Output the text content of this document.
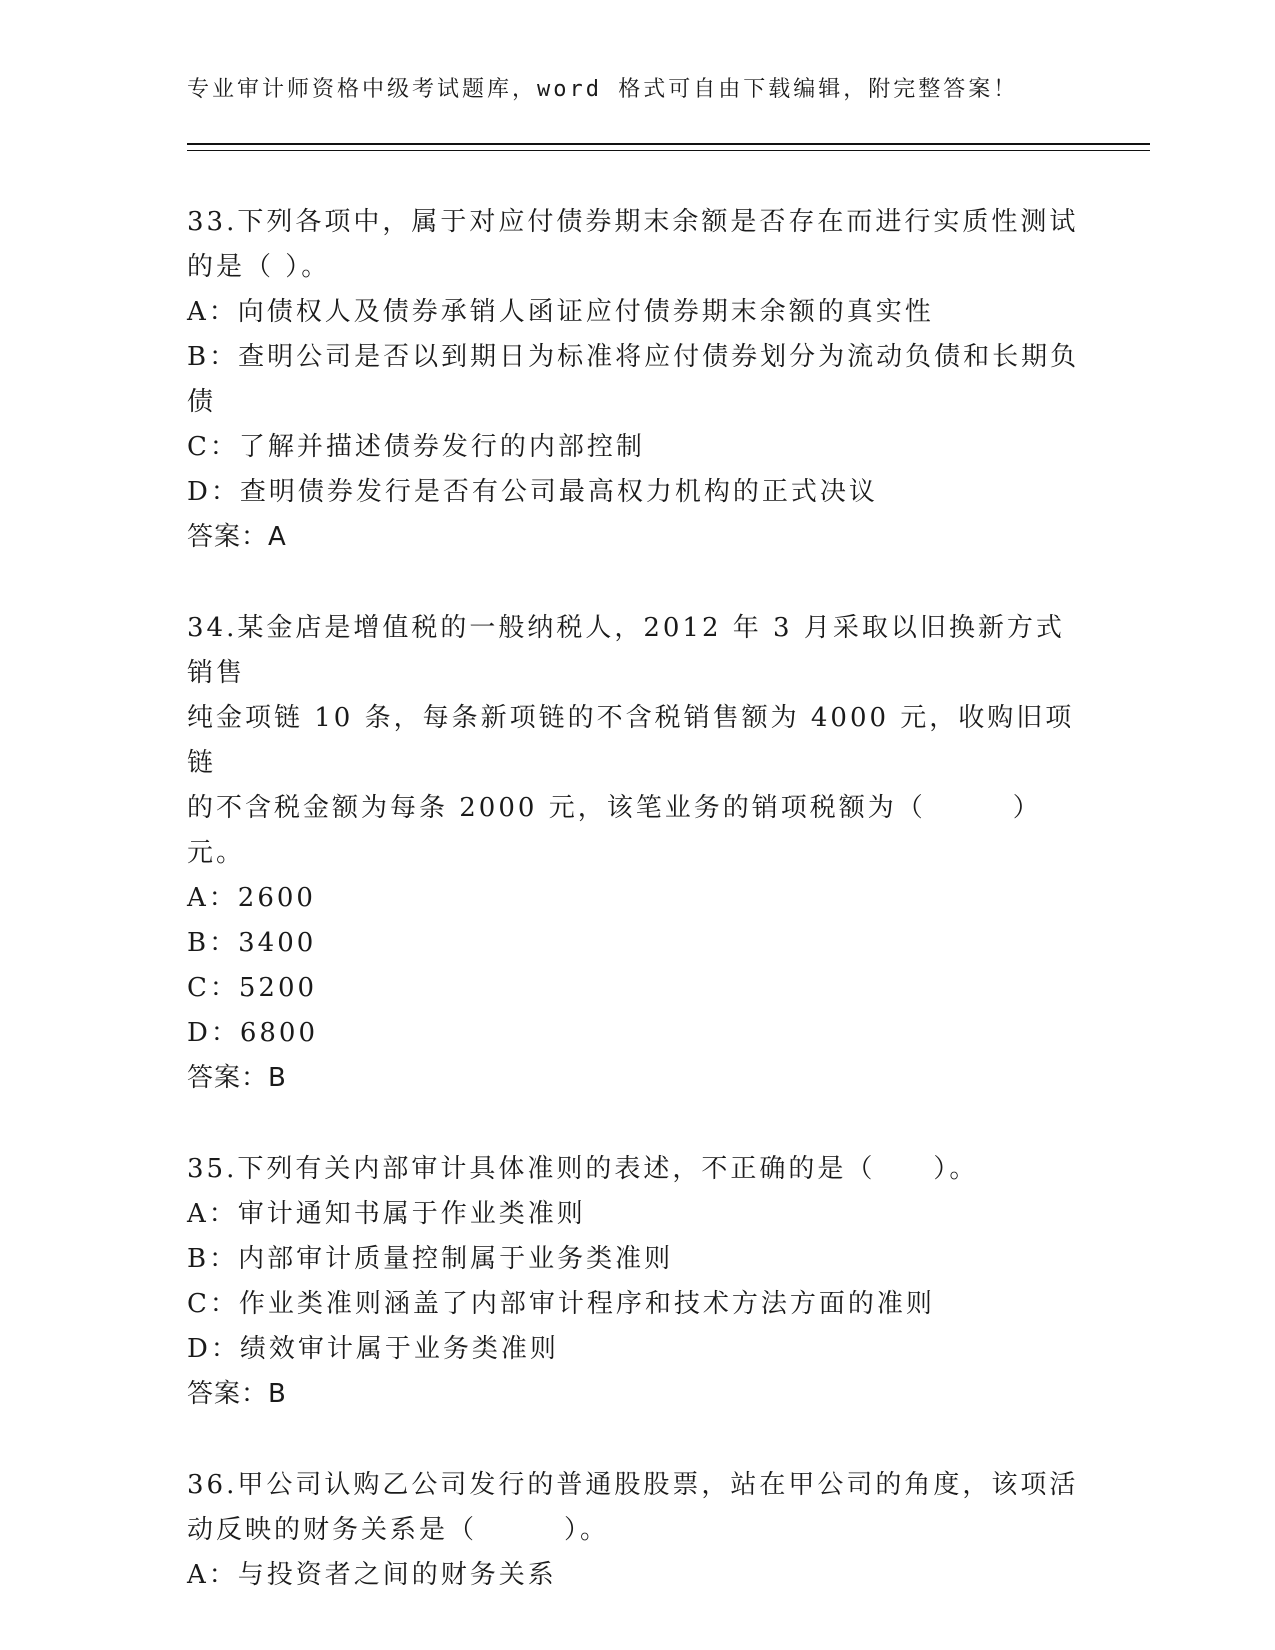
专业审计师资格中级考试题库，word 格式可自由下载编辑，附完整答案！
33.下列各项中，属于对应付债券期末余额是否存在而进行实质性测试
的是（ ）。
A：向债权人及债券承销人函证应付债券期末余额的真实性
B：查明公司是否以到期日为标准将应付债券划分为流动负债和长期负
债
C：了解并描述债券发行的内部控制
D：查明债券发行是否有公司最高权力机构的正式决议
答案：A
34.某金店是增值税的一般纳税人，2012 年 3 月采取以旧换新方式销售
纯金项链 10 条，每条新项链的不含税销售额为 4000 元，收购旧项链
的不含税金额为每条 2000 元，该笔业务的销项税额为（　　　）元。
A：2600
B：3400
C：5200
D：6800
答案：B
35.下列有关内部审计具体准则的表述，不正确的是（　　）。
A：审计通知书属于作业类准则
B：内部审计质量控制属于业务类准则
C：作业类准则涵盖了内部审计程序和技术方法方面的准则
D：绩效审计属于业务类准则
答案：B
36.甲公司认购乙公司发行的普通股股票，站在甲公司的角度，该项活
动反映的财务关系是（　　　）。
A：与投资者之间的财务关系
